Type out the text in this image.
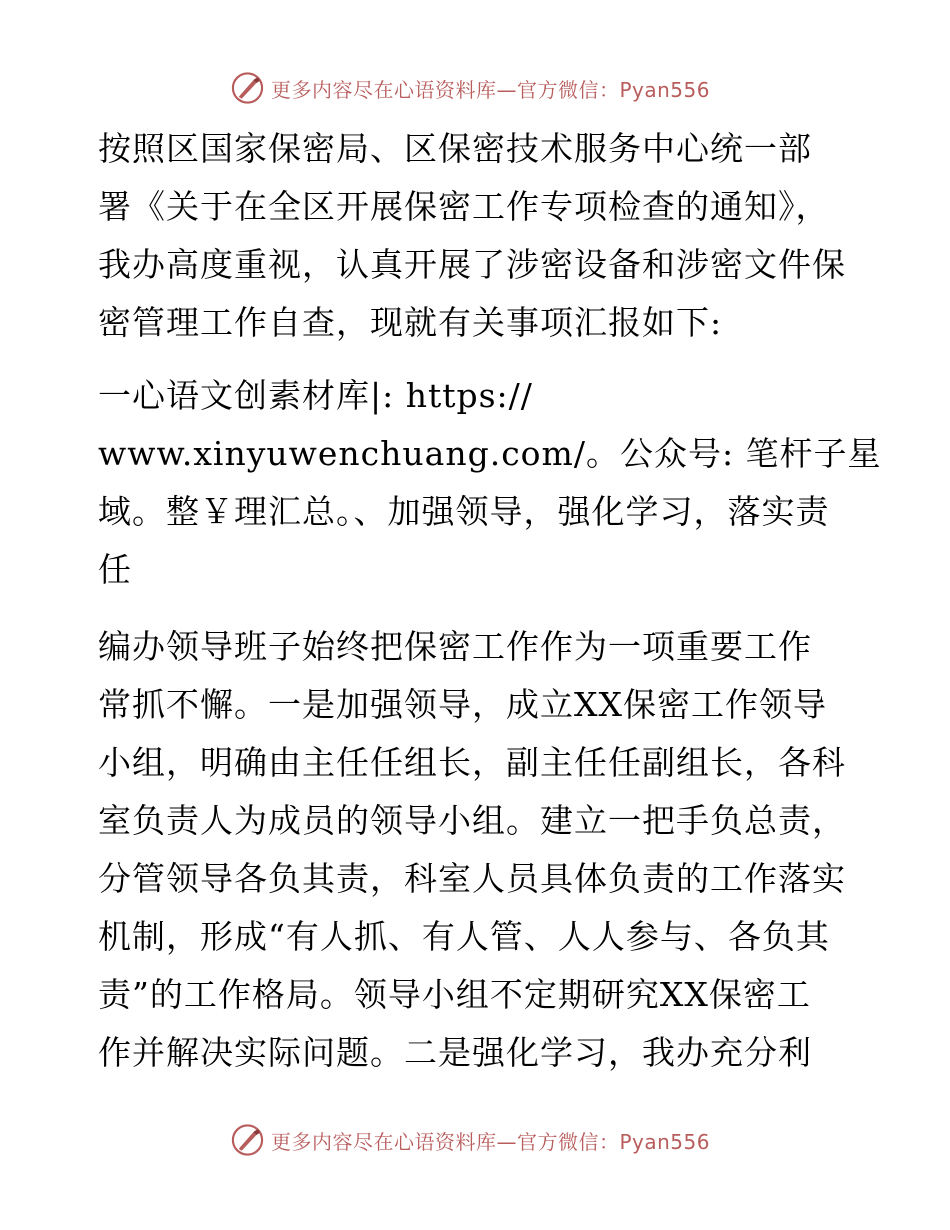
更多内容尽在心语资料库—官方微信：Pyan556
按照区国家保密局、区保密技术服务中心统一部
署《关于在全区开展保密工作专项检查的通知》，
我办高度重视，认真开展了涉密设备和涉密文件保
密管理工作自查，现就有关事项汇报如下:
一心语文创素材库|: https://
www.xinyuwenchuang.com/。公众号: 笔杆子星
域。整￥理汇总。、加强领导，强化学习，落实责
任
编办领导班子始终把保密工作作为一项重要工作
常抓不懈。一是加强领导，成立XX保密工作领导
小组，明确由主任任组长，副主任任副组长，各科
室负责人为成员的领导小组。建立一把手负总责，
分管领导各负其责，科室人员具体负责的工作落实
机制，形成“有人抓、有人管、人人参与、各负其
责”的工作格局。领导小组不定期研究XX保密工
作并解决实际问题。二是强化学习，我办充分利
更多内容尽在心语资料库—官方微信：Pyan556
